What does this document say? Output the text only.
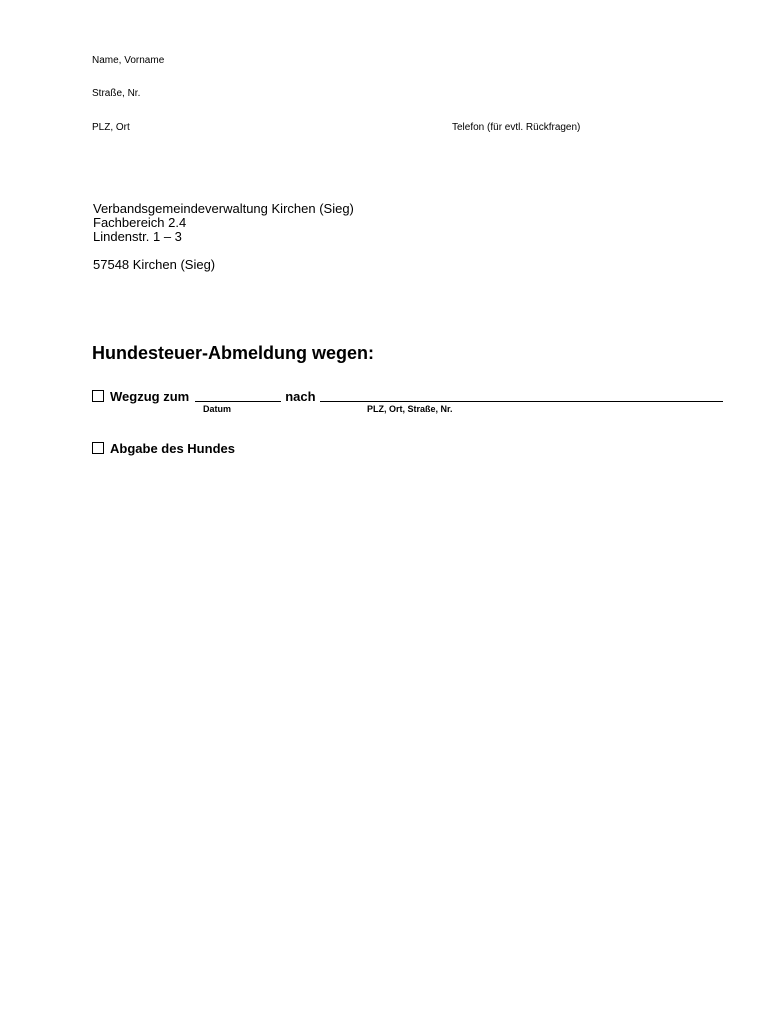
Name, Vorname
Straße, Nr.
PLZ, Ort	Telefon (für evtl. Rückfragen)
Verbandsgemeindeverwaltung Kirchen (Sieg)
Fachbereich 2.4
Lindenstr. 1 – 3
57548 Kirchen (Sieg)
Hundesteuer-Abmeldung wegen:
Wegzug zum	nach
Datum	PLZ, Ort, Straße, Nr.
Abgabe des Hundes
